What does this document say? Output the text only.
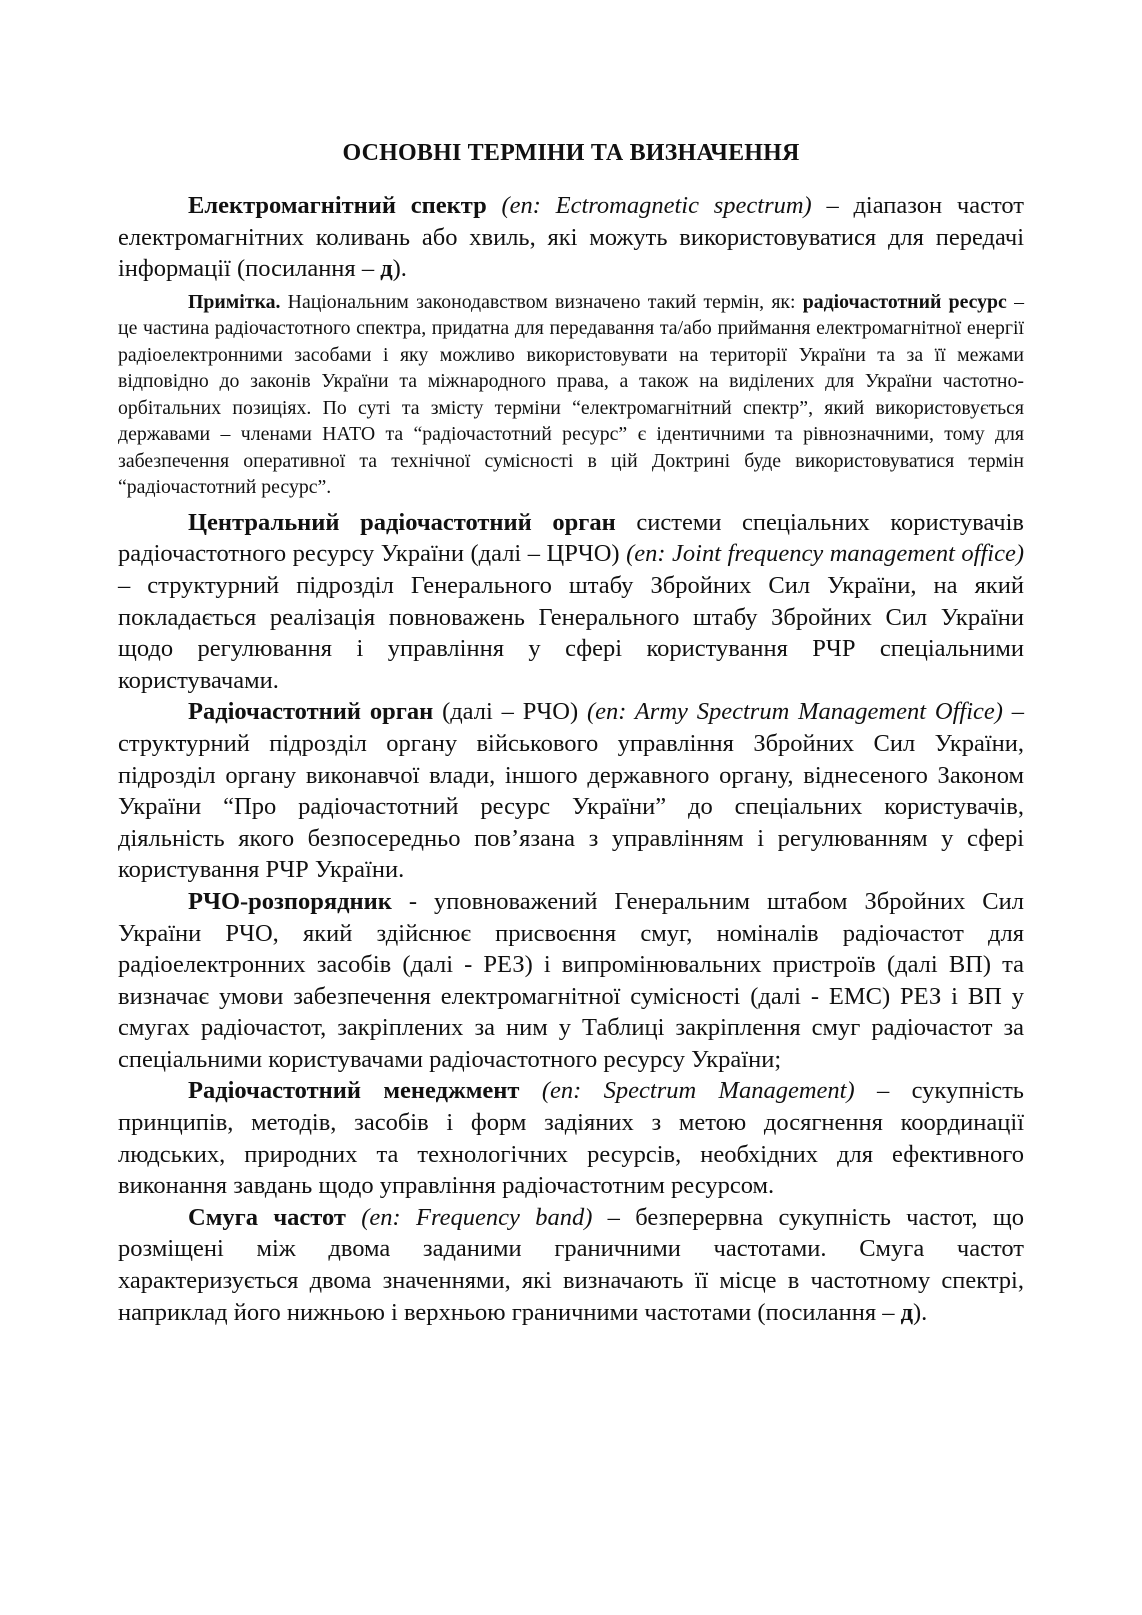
ОСНОВНІ ТЕРМІНИ ТА ВИЗНАЧЕННЯ

Електромагнітний спектр (en: Ectromagnetic spectrum) – діапазон частот електромагнітних коливань або хвиль, які можуть використовуватися для передачі інформації (посилання – д).

Примітка. Національним законодавством визначено такий термін, як: радіочастотний ресурс – це частина радіочастотного спектра, придатна для передавання та/або приймання електромагнітної енергії радіоелектронними засобами і яку можливо використовувати на території України та за її межами відповідно до законів України та міжнародного права, а також на виділених для України частотно-орбітальних позиціях. По суті та змісту терміни “електромагнітний спектр”, який використовується державами – членами НАТО та “радіочастотний ресурс” є ідентичними та рівнозначними, тому для забезпечення оперативної та технічної сумісності в цій Доктрині буде використовуватися термін “радіочастотний ресурс”.

Центральний радіочастотний орган системи спеціальних користувачів радіочастотного ресурсу України (далі – ЦРЧО) (en: Joint frequency management office) – структурний підрозділ Генерального штабу Збройних Сил України, на який покладається реалізація повноважень Генерального штабу Збройних Сил України щодо регулювання і управління у сфері користування РЧР спеціальними користувачами.

Радіочастотний орган (далі – РЧО) (en: Army Spectrum Management Office) – структурний підрозділ органу військового управління Збройних Сил України, підрозділ органу виконавчої влади, іншого державного органу, віднесеного Законом України “Про радіочастотний ресурс України” до спеціальних користувачів, діяльність якого безпосередньо пов’язана з управлінням і регулюванням у сфері користування РЧР України.

РЧО-розпорядник - уповноважений Генеральним штабом Збройних Сил України РЧО, який здійснює присвоєння смуг, номіналів радіочастот для радіоелектронних засобів (далі - РЕЗ) і випромінювальних пристроїв (далі ВП) та визначає умови забезпечення електромагнітної сумісності (далі - ЕМС) РЕЗ і ВП у смугах радіочастот, закріплених за ним у Таблиці закріплення смуг радіочастот за спеціальними користувачами радіочастотного ресурсу України;

Радіочастотний менеджмент (en: Spectrum Management) – сукупність принципів, методів, засобів і форм задіяних з метою досягнення координації людських, природних та технологічних ресурсів, необхідних для ефективного виконання завдань щодо управління радіочастотним ресурсом.

Смуга частот (en: Frequency band) – безперервна сукупність частот, що розміщені між двома заданими граничними частотами. Смуга частот характеризується двома значеннями, які визначають її місце в частотному спектрі, наприклад його нижньою і верхньою граничними частотами (посилання – д).
